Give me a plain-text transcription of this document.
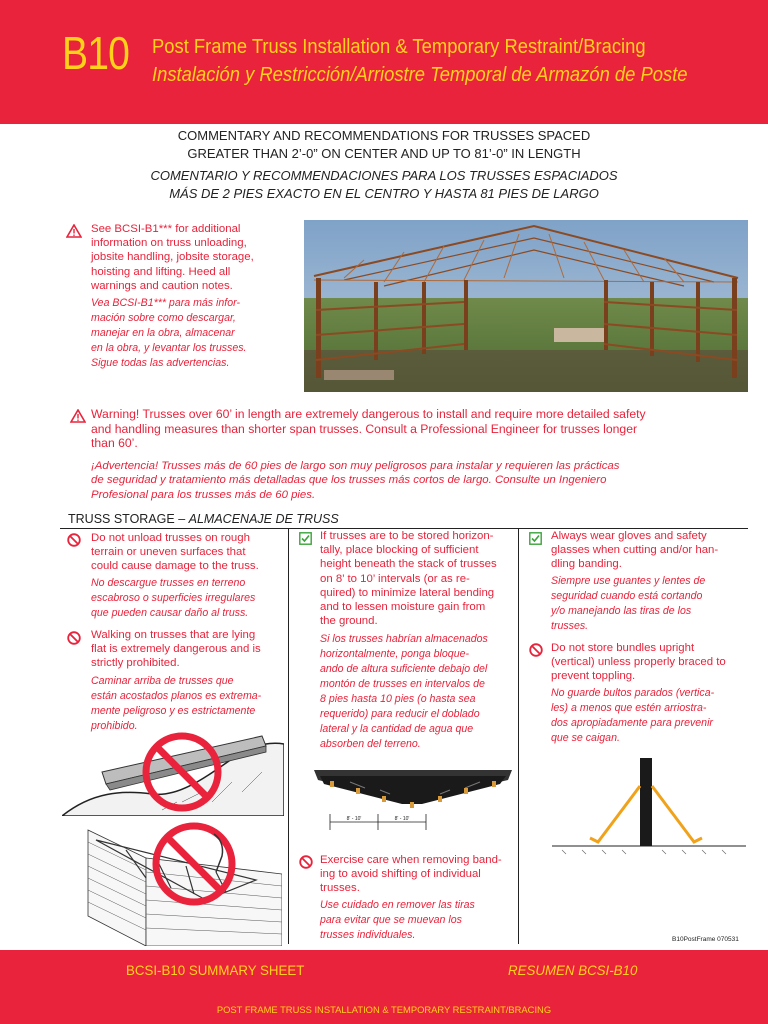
B10 Post Frame Truss Installation & Temporary Restraint/Bracing
Instalación y Restricción/Arriostre Temporal de Armazón de Poste
COMMENTARY AND RECOMMENDATIONS FOR TRUSSES SPACED
GREATER THAN 2’-0” ON CENTER AND UP TO 81’-0” IN LENGTH
COMENTARIO Y RECOMMENDACIONES PARA LOS TRUSSES ESPACIADOS
MÁS DE 2 PIES EXACTO EN EL CENTRO Y HASTA 81 PIES DE LARGO
See BCSI-B1*** for additional
information on truss unloading,
jobsite handling, jobsite storage,
hoisting and lifting. Heed all
warnings and caution notes.
Vea BCSI-B1*** para más infor-
mación sobre como descargar,
manejar en la obra, almacenar
en la obra, y levantar los trusses.
Sigue todas las advertencias.
Warning! Trusses over 60’ in length are extremely dangerous to install and require more detailed safety
and handling measures than shorter span trusses. Consult a Professional Engineer for trusses longer
than 60’.
¡Advertencia! Trusses más de 60 pies de largo son muy peligrosos para instalar y requieren las prácticas
de seguridad y tratamiento más detalladas que los trusses más cortos de largo. Consulte un Ingeniero
Profesional para los trusses más de 60 pies.
TRUSS STORAGE – ALMACENAJE DE TRUSS
Do not unload trusses on rough
terrain or uneven surfaces that
could cause damage to the truss.
No descargue trusses en terreno
escabroso o superficies irregulares
que pueden causar daño al truss.
Walking on trusses that are lying
flat is extremely dangerous and is
strictly prohibited.
Caminar arriba de trusses que
están acostados planos es extrema-
mente peligroso y es estrictamente
prohibido.
If trusses are to be stored horizon-
tally, place blocking of sufficient
height beneath the stack of trusses
on 8’ to 10’ intervals (or as re-
quired) to minimize lateral bending
and to lessen moisture gain from
the ground.
Si los trusses habrían almacenados
horizontalmente, ponga bloque-
ando de altura suficiente debajo del
montón de trusses en intervalos de
8 pies hasta 10 pies (o hasta sea
requerido) para reducir el doblado
lateral y la cantidad de agua que
absorben del terreno.
8' - 10'	8' - 10'
Exercise care when removing band-
ing to avoid shifting of individual
trusses.
Use cuidado en remover las tiras
para evitar que se muevan los
trusses individuales.
Always wear gloves and safety
glasses when cutting and/or han-
dling banding.
Siempre use guantes y lentes de
seguridad cuando está cortando
y/o manejando las tiras de los
trusses.
Do not store bundles upright
(vertical) unless properly braced to
prevent toppling.
No guarde bultos parados (vertica-
les) a menos que estén arriostra-
dos apropiadamente para prevenir
que se caigan.
B10PostFrame 070531
BCSI-B10 SUMMARY SHEET	RESUMEN BCSI-B10
POST FRAME TRUSS INSTALLATION & TEMPORARY RESTRAINT/BRACING
